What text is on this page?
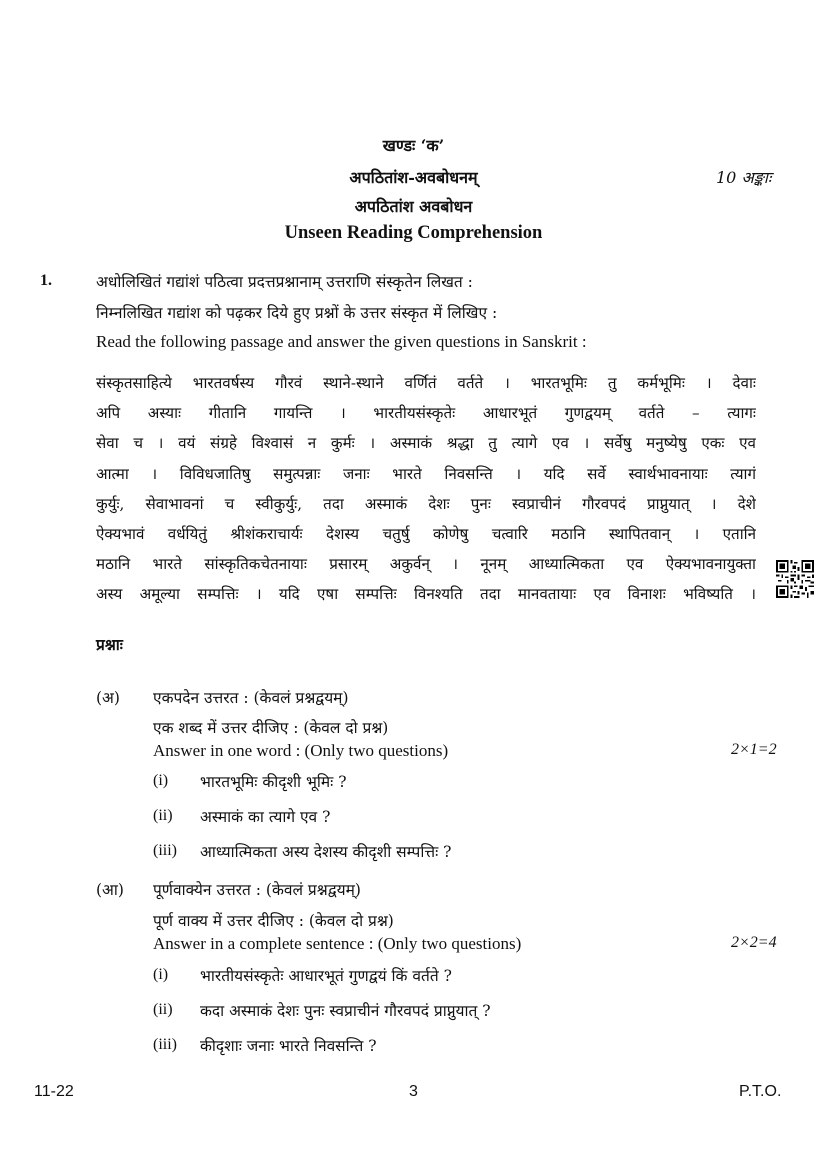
खण्डः ‘क’
अपठितांश-अवबोधनम्	10 अङ्काः
अपठितांश अवबोधन
Unseen Reading Comprehension
1.	अधोलिखितं गद्यांशं पठित्वा प्रदत्तप्रश्नानाम् उत्तराणि संस्कृतेन लिखत :
निम्नलिखित गद्यांश को पढ़कर दिये हुए प्रश्नों के उत्तर संस्कृत में लिखिए :
Read the following passage and answer the given questions in Sanskrit :
संस्कृतसाहित्ये भारतवर्षस्य गौरवं स्थाने-स्थाने वर्णितं वर्तते । भारतभूमिः तु कर्मभूमिः । देवाः
अपि अस्याः गीतानि गायन्ति । भारतीयसंस्कृतेः आधारभूतं गुणद्वयम् वर्तते – त्यागः
सेवा च । वयं संग्रहे विश्वासं न कुर्मः । अस्माकं श्रद्धा तु त्यागे एव । सर्वेषु मनुष्येषु एकः एव
आत्मा । विविधजातिषु समुत्पन्नाः जनाः भारते निवसन्ति । यदि सर्वे स्वार्थभावनायाः त्यागं
कुर्युः, सेवाभावनां च स्वीकुर्युः, तदा अस्माकं देशः पुनः स्वप्राचीनं गौरवपदं प्राप्नुयात् । देशे
ऐक्यभावं वर्धयितुं श्रीशंकराचार्यः देशस्य चतुर्षु कोणेषु चत्वारि मठानि स्थापितवान् । एतानि
मठानि भारते सांस्कृतिकचेतनायाः प्रसारम् अकुर्वन् । नूनम् आध्यात्मिकता एव ऐक्यभावनायुक्ता
अस्य अमूल्या सम्पत्तिः । यदि एषा सम्पत्तिः विनश्यति तदा मानवतायाः एव विनाशः भविष्यति ।
प्रश्नाः
(अ) एकपदेन उत्तरत : (केवलं प्रश्नद्वयम्)
एक शब्द में उत्तर दीजिए : (केवल दो प्रश्न)
Answer in one word : (Only two questions)	2×1=2
(i) भारतभूमिः कीदृशी भूमिः ?
(ii) अस्माकं का त्यागे एव ?
(iii) आध्यात्मिकता अस्य देशस्य कीदृशी सम्पत्तिः ?
(आ) पूर्णवाक्येन उत्तरत : (केवलं प्रश्नद्वयम्)
पूर्ण वाक्य में उत्तर दीजिए : (केवल दो प्रश्न)
Answer in a complete sentence : (Only two questions)	2×2=4
(i) भारतीयसंस्कृतेः आधारभूतं गुणद्वयं किं वर्तते ?
(ii) कदा अस्माकं देशः पुनः स्वप्राचीनं गौरवपदं प्राप्नुयात् ?
(iii) कीदृशाः जनाः भारते निवसन्ति ?
11-22	3	P.T.O.
